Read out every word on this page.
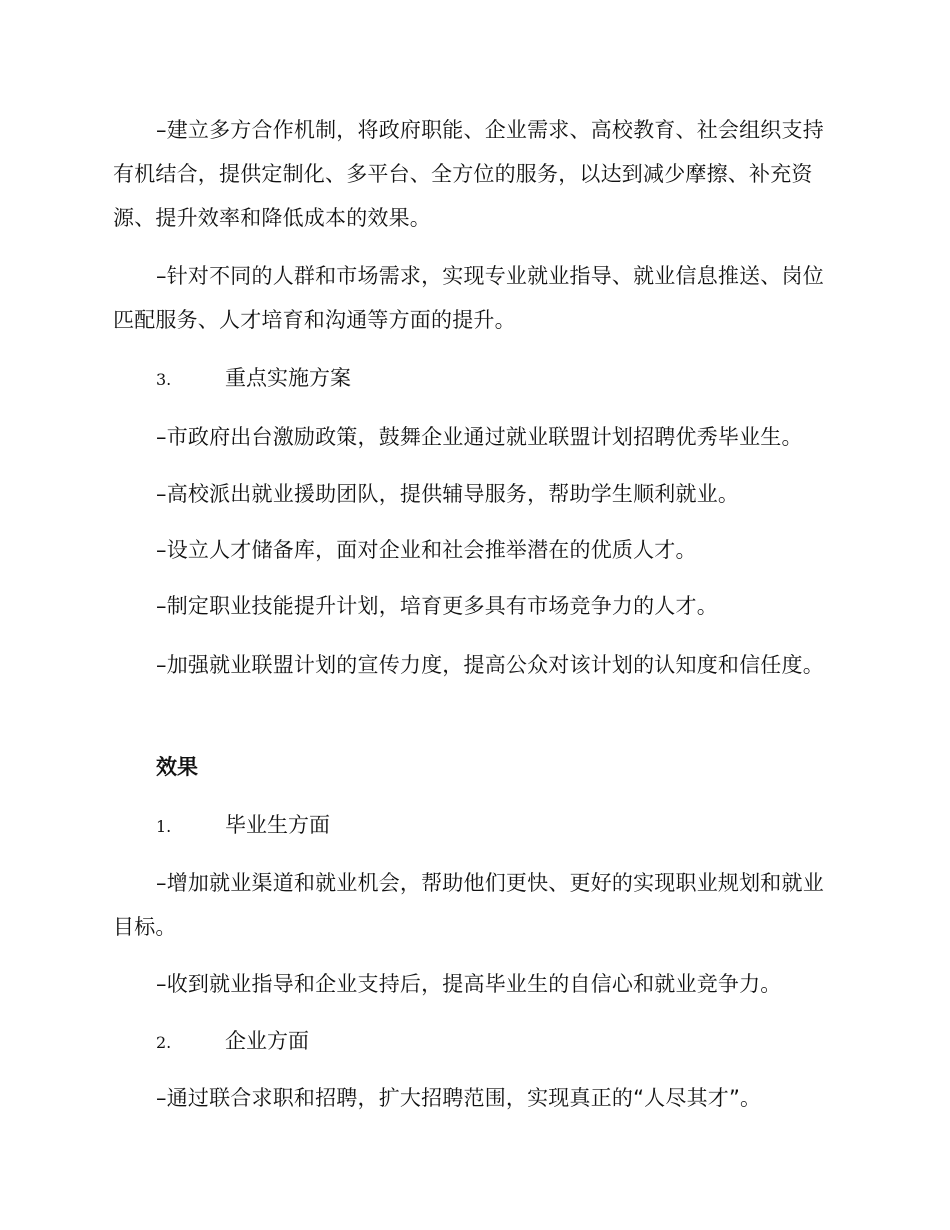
–建立多方合作机制，将政府职能、企业需求、高校教育、社会组织支持有机结合，提供定制化、多平台、全方位的服务，以达到减少摩擦、补充资源、提升效率和降低成本的效果。

–针对不同的人群和市场需求，实现专业就业指导、就业信息推送、岗位匹配服务、人才培育和沟通等方面的提升。

3.	重点实施方案

–市政府出台激励政策，鼓舞企业通过就业联盟计划招聘优秀毕业生。

–高校派出就业援助团队，提供辅导服务，帮助学生顺利就业。

–设立人才储备库，面对企业和社会推举潜在的优质人才。

–制定职业技能提升计划，培育更多具有市场竞争力的人才。

–加强就业联盟计划的宣传力度，提高公众对该计划的认知度和信任度。

效果

1.	毕业生方面

–增加就业渠道和就业机会，帮助他们更快、更好的实现职业规划和就业目标。

–收到就业指导和企业支持后，提高毕业生的自信心和就业竞争力。

2.	企业方面

–通过联合求职和招聘，扩大招聘范围，实现真正的“人尽其才”。
